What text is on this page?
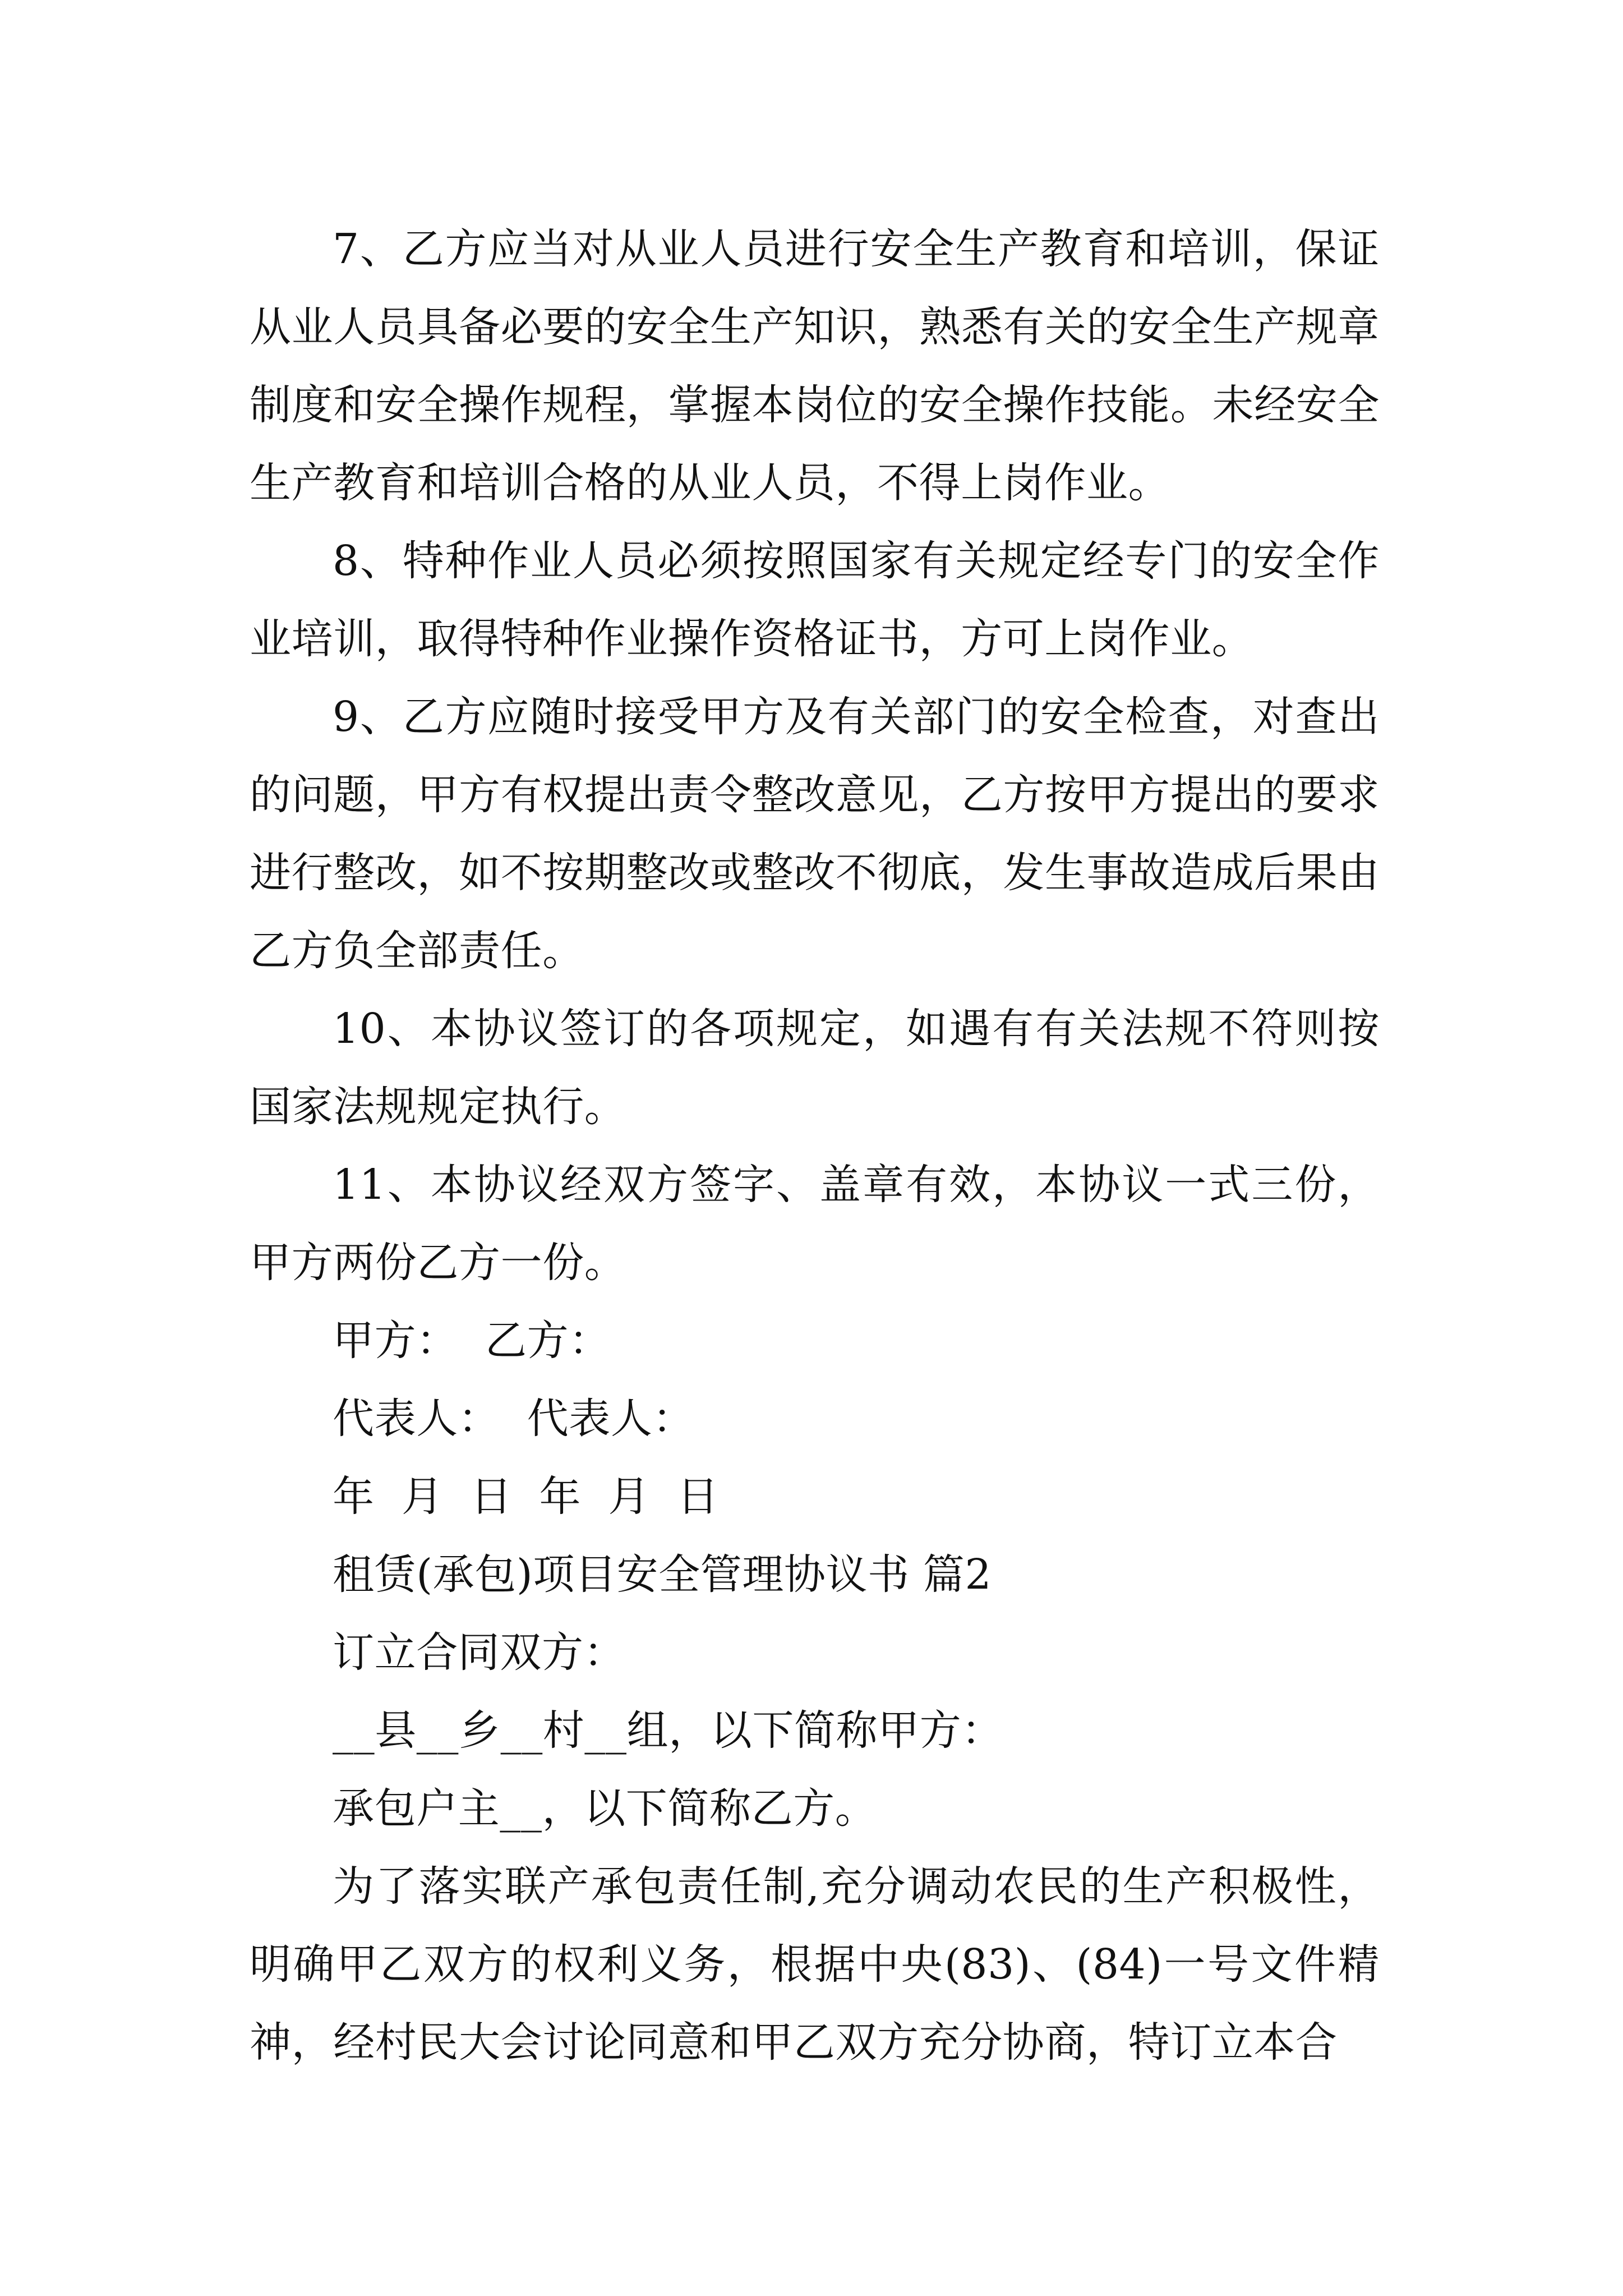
7、乙方应当对从业人员进行安全生产教育和培训，保证从业人员具备必要的安全生产知识，熟悉有关的安全生产规章制度和安全操作规程，掌握本岗位的安全操作技能。未经安全生产教育和培训合格的从业人员，不得上岗作业。

8、特种作业人员必须按照国家有关规定经专门的安全作业培训，取得特种作业操作资格证书，方可上岗作业。

9、乙方应随时接受甲方及有关部门的安全检查，对查出的问题，甲方有权提出责令整改意见，乙方按甲方提出的要求进行整改，如不按期整改或整改不彻底，发生事故造成后果由乙方负全部责任。

10、本协议签订的各项规定，如遇有有关法规不符则按国家法规规定执行。

11、本协议经双方签字、盖章有效，本协议一式三份，甲方两份乙方一份。

甲方：  乙方：

代表人：  代表人：

年  月  日  年  月  日

租赁(承包)项目安全管理协议书 篇2

订立合同双方：

__县__乡__村__组，以下简称甲方：

承包户主__，以下简称乙方。

为了落实联产承包责任制,充分调动农民的生产积极性，明确甲乙双方的权利义务，根据中央(83)、(84)一号文件精神，经村民大会讨论同意和甲乙双方充分协商，特订立本合
